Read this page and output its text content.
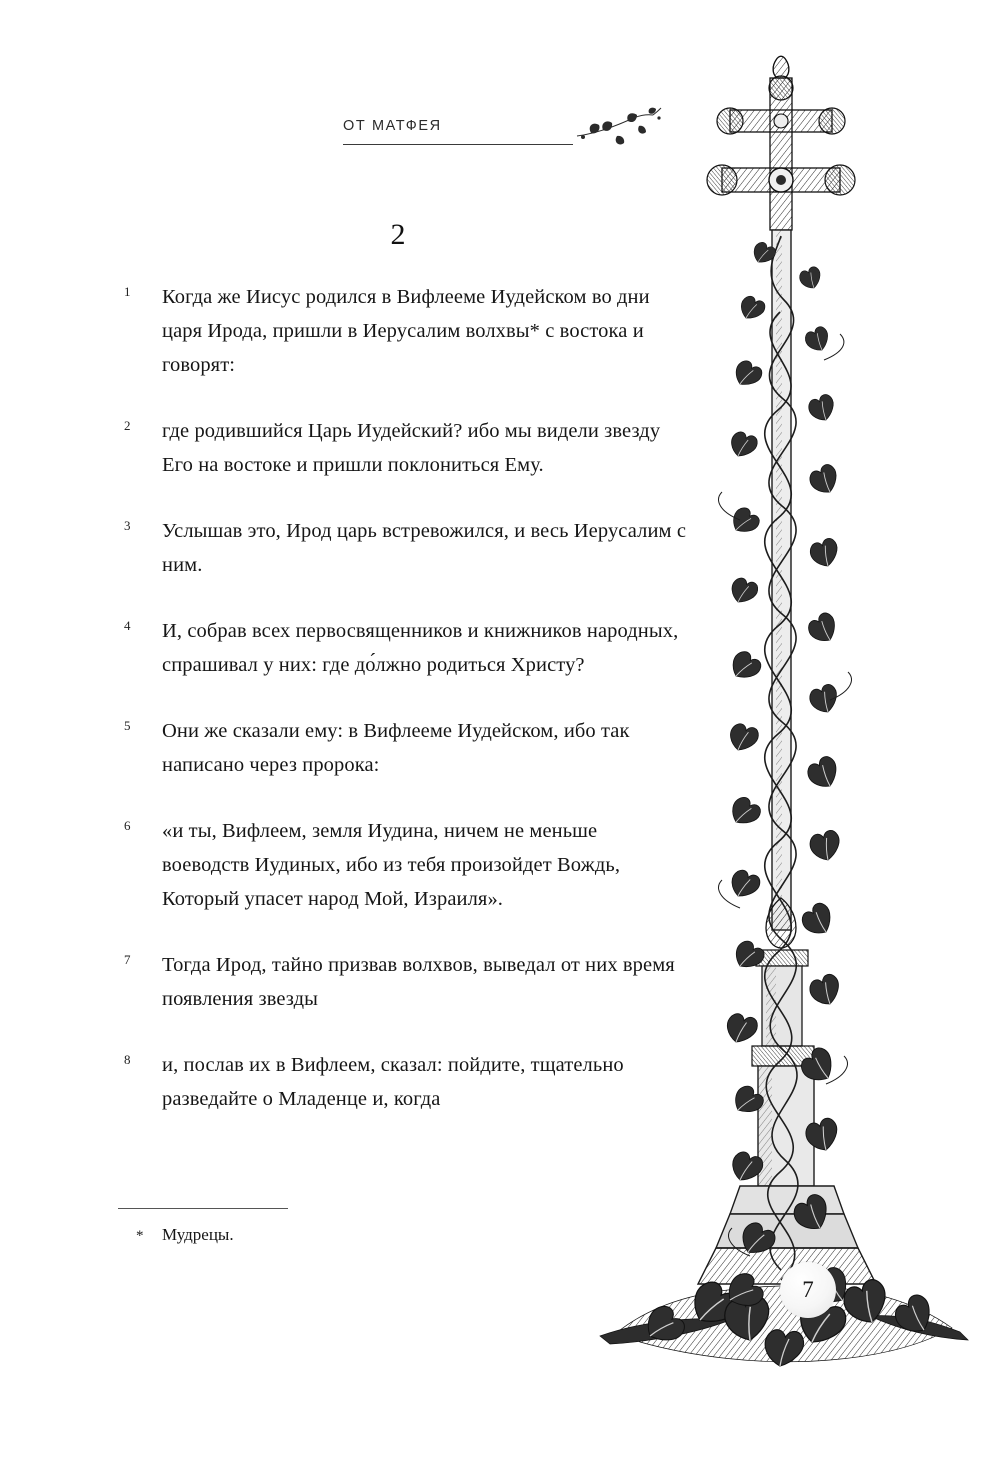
ОТ МАТФЕЯ
2
1 Когда же Иисус родился в Вифлееме Иудейском во дни царя Ирода, пришли в Иерусалим волхвы* с востока и говорят:
2 где родившийся Царь Иудейский? ибо мы видели звезду Его на востоке и пришли поклониться Ему.
3 Услышав это, Ирод царь встревожился, и весь Иерусалим с ним.
4 И, собрав всех первосвященников и книжников народных, спрашивал у них: где до́лжно родиться Христу?
5 Они же сказали ему: в Вифлееме Иудейском, ибо так написано через пророка:
6 «и ты, Вифлеем, земля Иудина, ничем не меньше воеводств Иудиных, ибо из тебя произойдет Вождь, Который упасет народ Мой, Израиля».
7 Тогда Ирод, тайно призвав волхвов, выведал от них время появления звезды
8 и, послав их в Вифлеем, сказал: пойдите, тщательно разведайте о Младенце и, когда
* Мудрецы.
7
